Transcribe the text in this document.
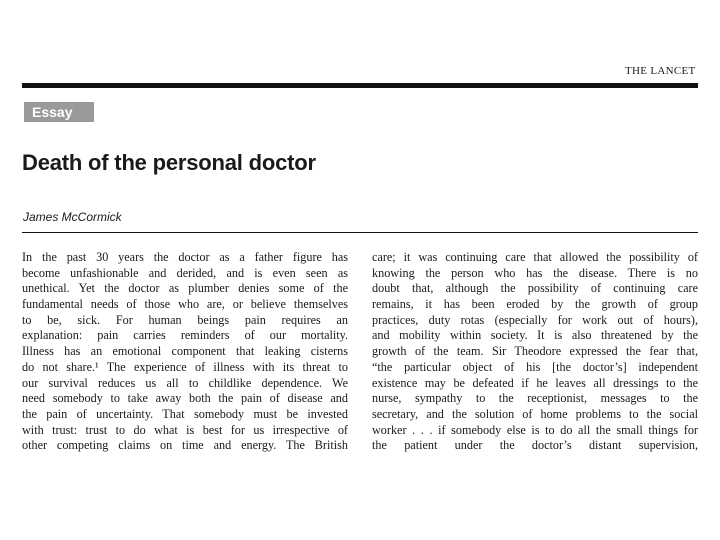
THE LANCET
Essay
Death of the personal doctor
James McCormick
In the past 30 years the doctor as a father figure has
become unfashionable and derided, and is even seen as
unethical. Yet the doctor as plumber denies some of the
fundamental needs of those who are, or believe themselves
to be, sick. For human beings pain requires an
explanation: pain carries reminders of our mortality.
Illness has an emotional component that leaking cisterns
do not share.¹ The experience of illness with its threat to
our survival reduces us all to childlike dependence. We
need somebody to take away both the pain of disease and
the pain of uncertainty. That somebody must be invested
with trust: trust to do what is best for us irrespective of
other competing claims on time and energy. The British
care; it was continuing care that allowed the possibility of
knowing the person who has the disease. There is no
doubt that, although the possibility of continuing care
remains, it has been eroded by the growth of group
practices, duty rotas (especially for work out of hours),
and mobility within society. It is also threatened by the
growth of the team. Sir Theodore expressed the fear that,
“the particular object of his [the doctor’s] independent
existence may be defeated if he leaves all dressings to the
nurse, sympathy to the receptionist, messages to the
secretary, and the solution of home problems to the social
worker . . . if somebody else is to do all the small things for
the patient under the doctor’s distant supervision,
